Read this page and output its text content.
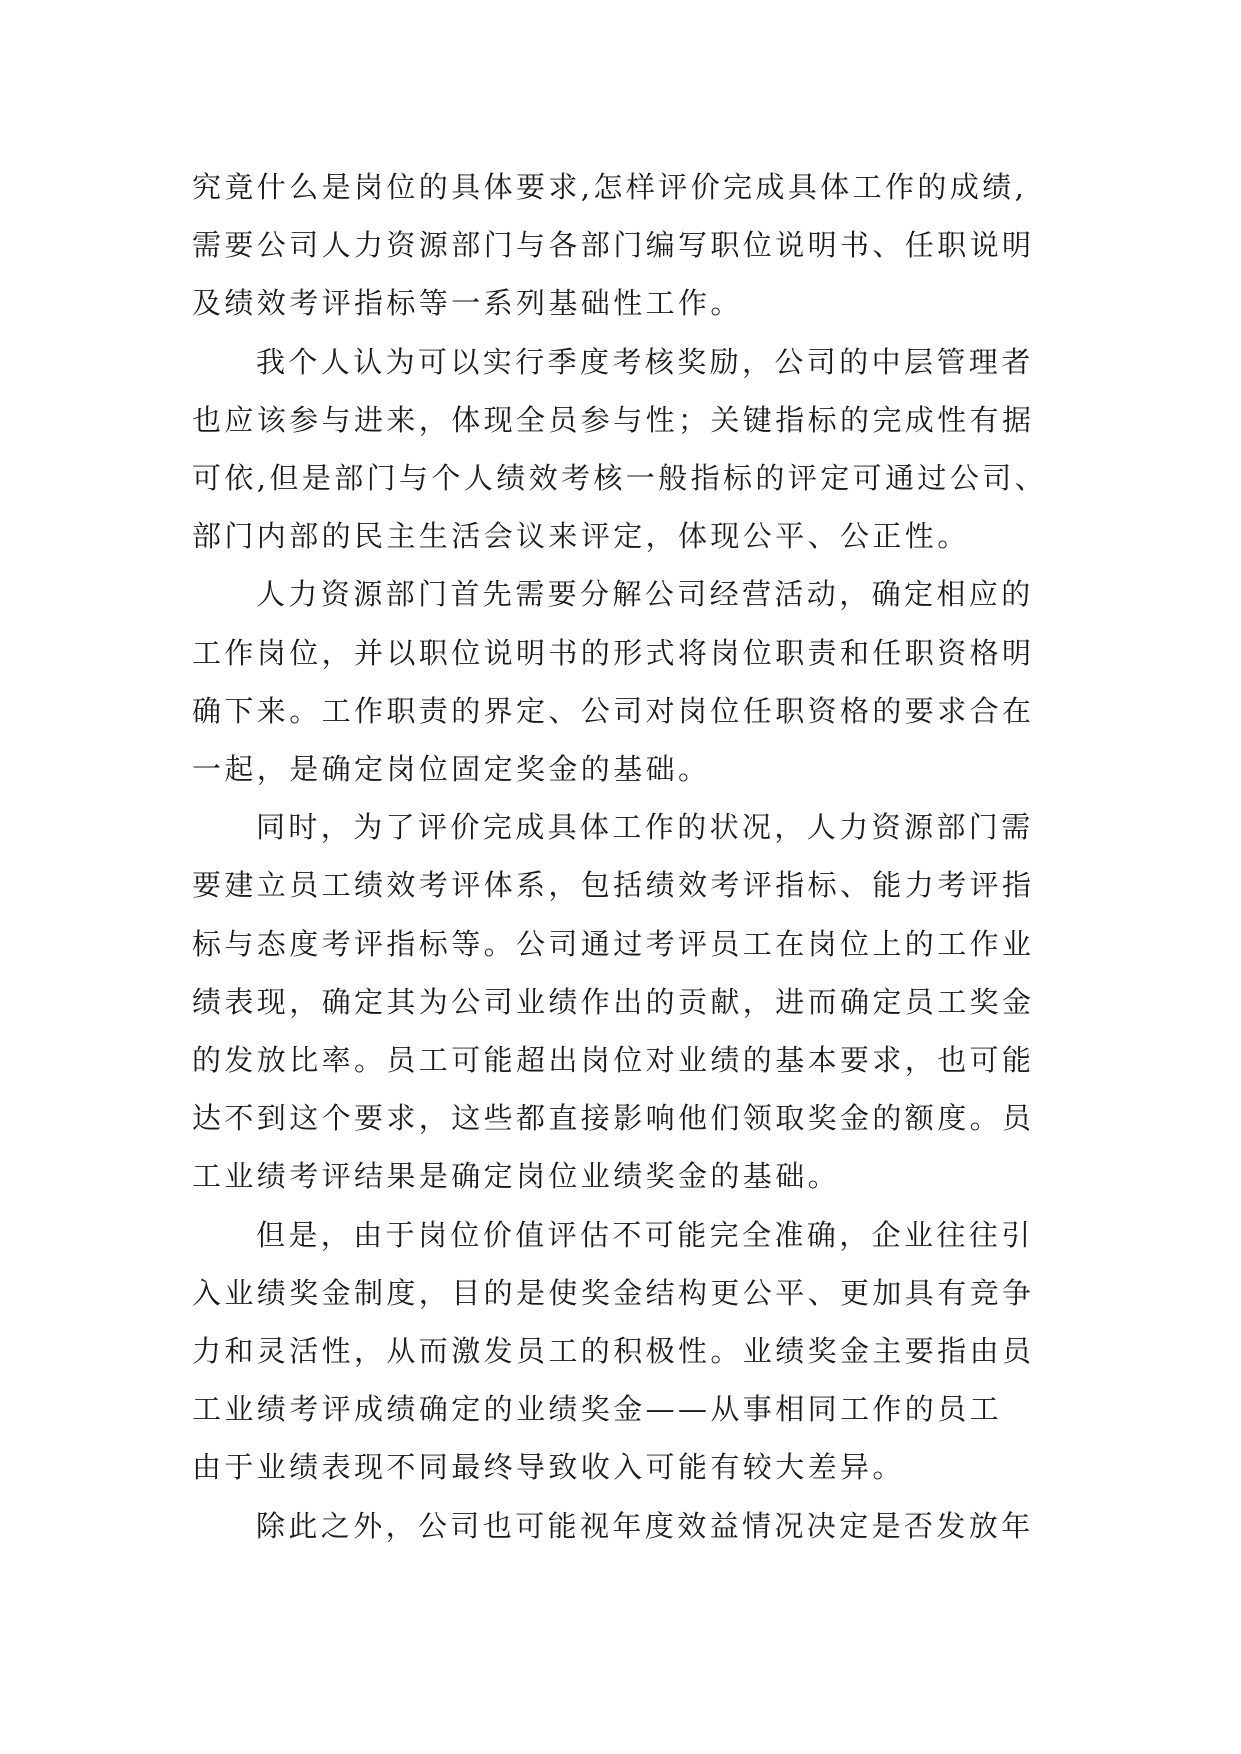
究竟什么是岗位的具体要求,怎样评价完成具体工作的成绩,
需要公司人力资源部门与各部门编写职位说明书、任职说明
及绩效考评指标等一系列基础性工作。

我个人认为可以实行季度考核奖励，公司的中层管理者
也应该参与进来，体现全员参与性；关键指标的完成性有据
可依,但是部门与个人绩效考核一般指标的评定可通过公司、
部门内部的民主生活会议来评定，体现公平、公正性。

人力资源部门首先需要分解公司经营活动，确定相应的
工作岗位，并以职位说明书的形式将岗位职责和任职资格明
确下来。工作职责的界定、公司对岗位任职资格的要求合在
一起，是确定岗位固定奖金的基础。

同时，为了评价完成具体工作的状况，人力资源部门需
要建立员工绩效考评体系，包括绩效考评指标、能力考评指
标与态度考评指标等。公司通过考评员工在岗位上的工作业
绩表现，确定其为公司业绩作出的贡献，进而确定员工奖金
的发放比率。员工可能超出岗位对业绩的基本要求，也可能
达不到这个要求，这些都直接影响他们领取奖金的额度。员
工业绩考评结果是确定岗位业绩奖金的基础。

但是，由于岗位价值评估不可能完全准确，企业往往引
入业绩奖金制度，目的是使奖金结构更公平、更加具有竞争
力和灵活性，从而激发员工的积极性。业绩奖金主要指由员
工业绩考评成绩确定的业绩奖金——从事相同工作的员工
由于业绩表现不同最终导致收入可能有较大差异。

除此之外，公司也可能视年度效益情况决定是否发放年
